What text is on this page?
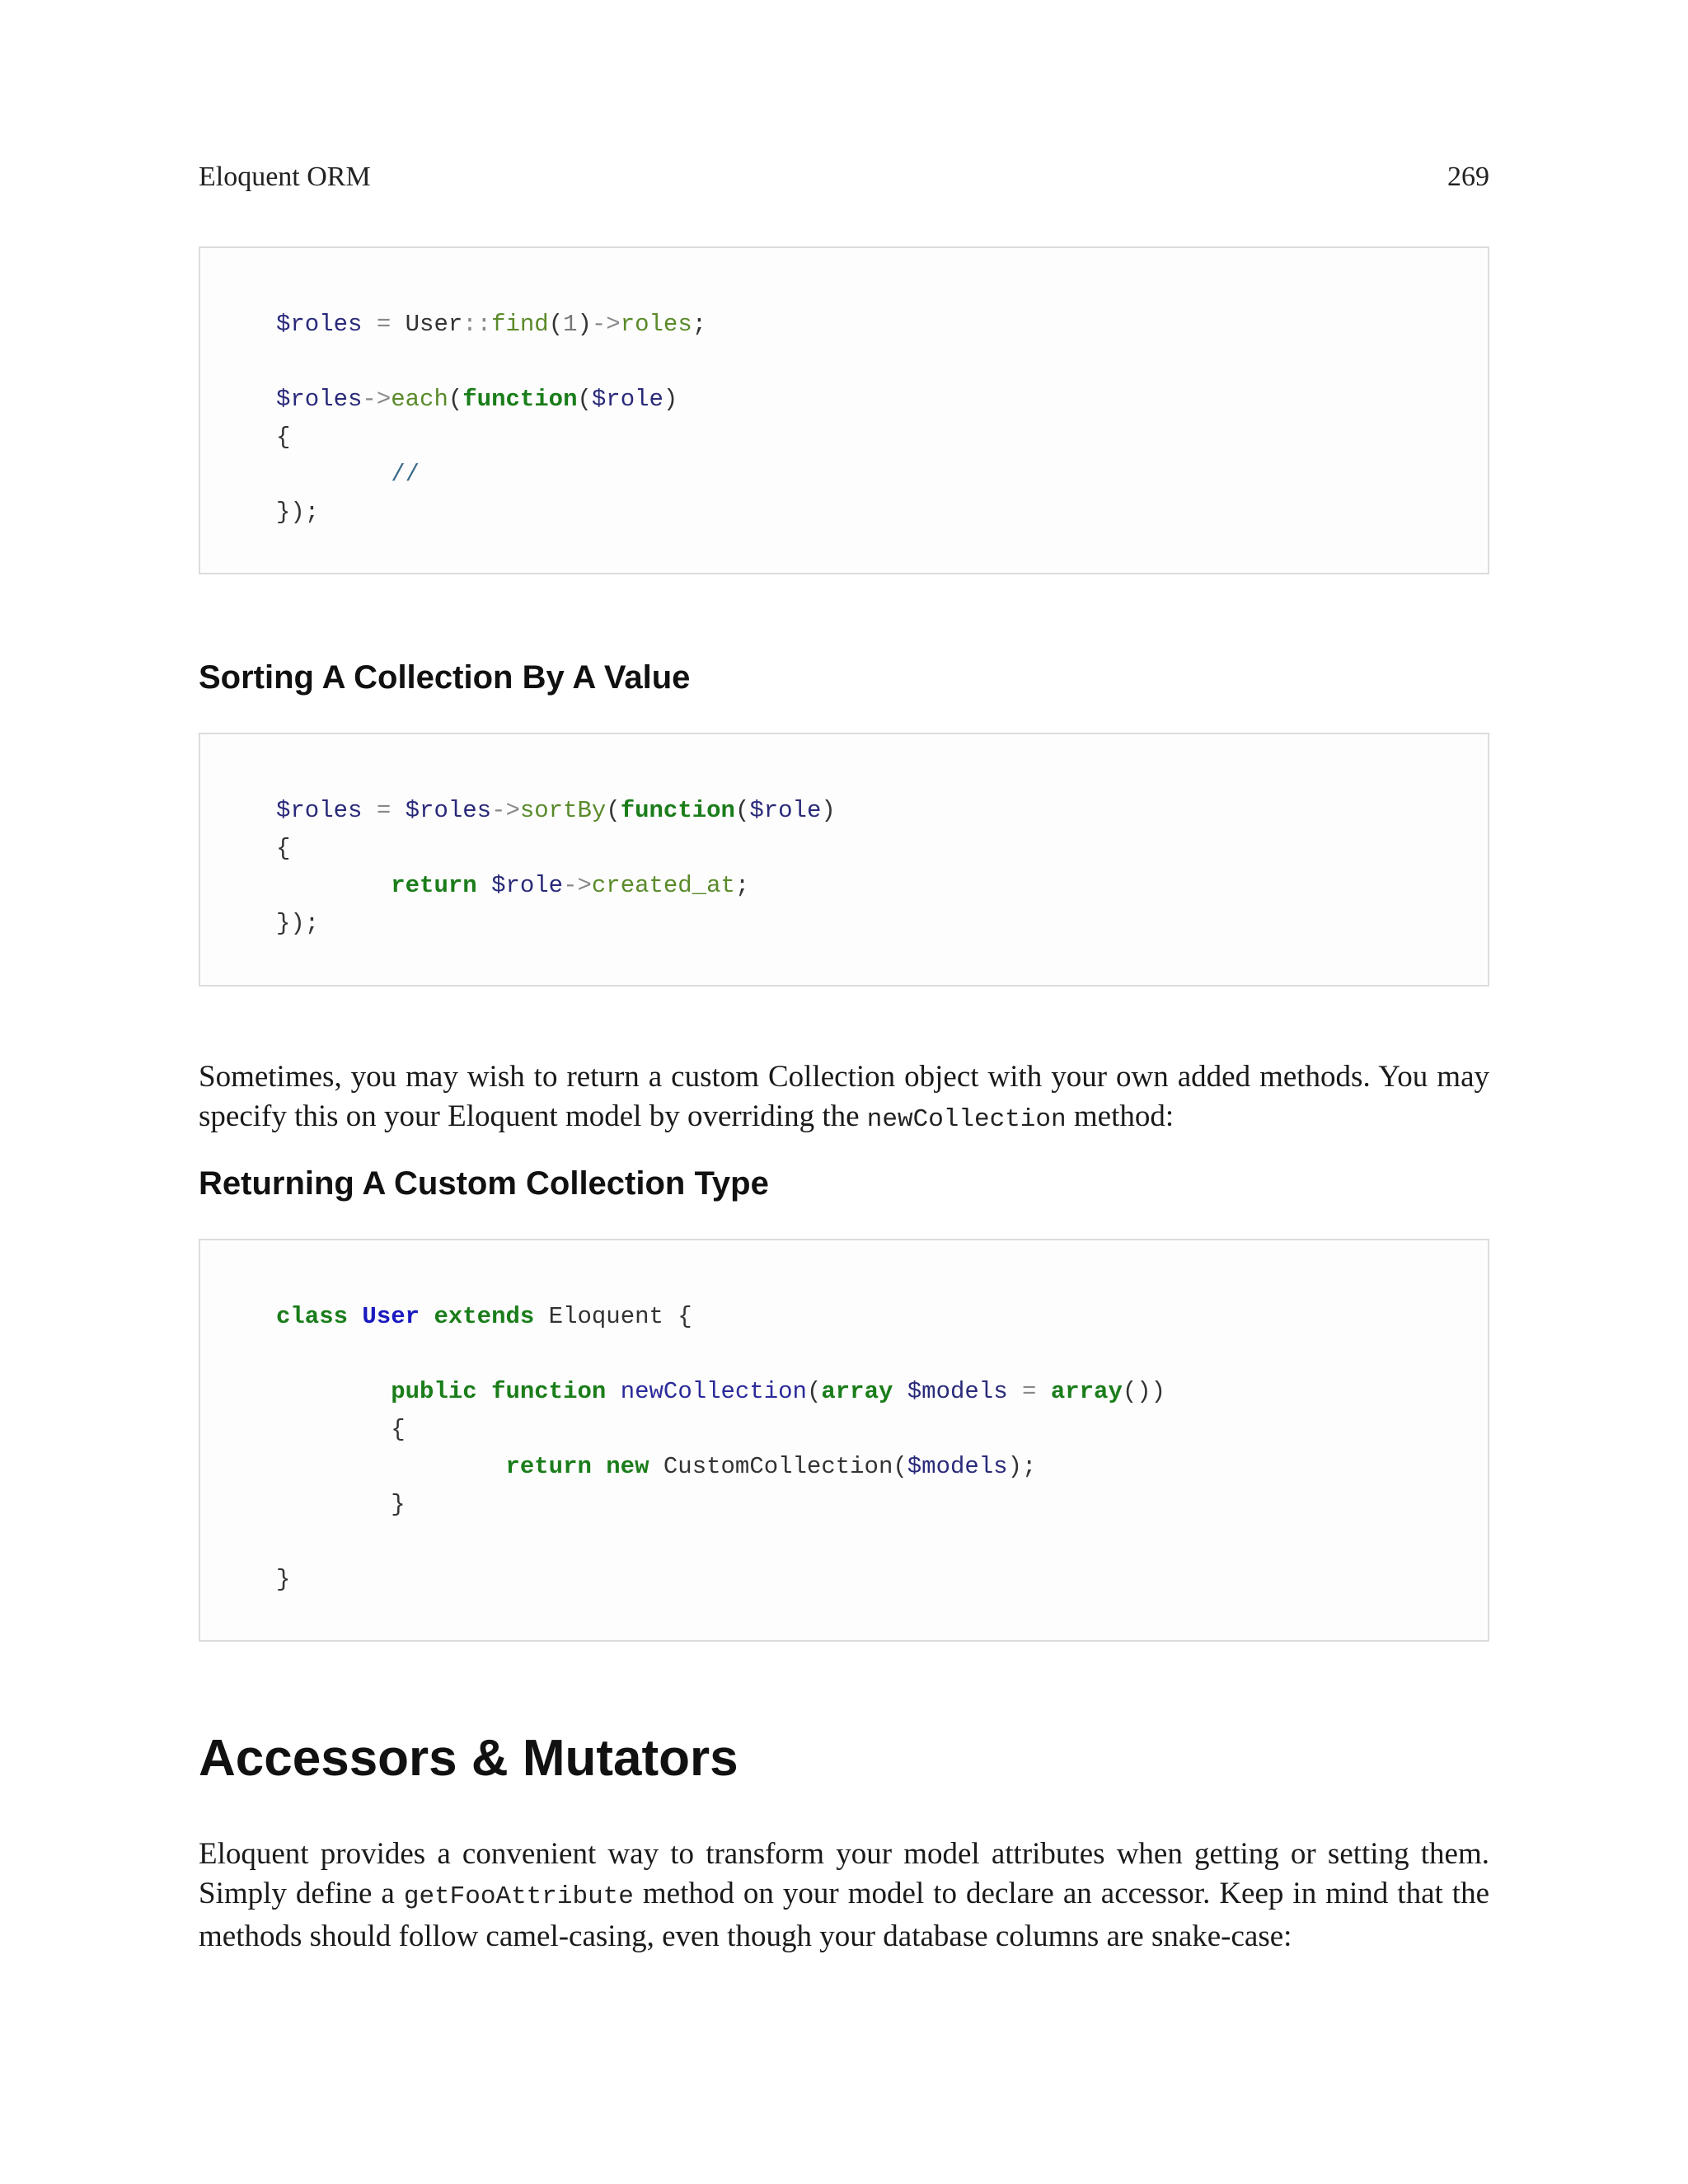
Eloquent ORM	269
$roles = User::find(1)->roles;

$roles->each(function($role)
{
//
});
Sorting A Collection By A Value
$roles = $roles->sortBy(function($role)
{
return $role->created_at;
});

Sometimes, you may wish to return a custom Collection object with your own added methods. You may specify this on your Eloquent model by overriding the newCollection method:

Returning A Custom Collection Type
class User extends Eloquent {

public function newCollection(array $models = array())
{
return new CustomCollection($models);
}

}
Accessors & Mutators

Eloquent provides a convenient way to transform your model attributes when getting or setting them. Simply define a getFooAttribute method on your model to declare an accessor. Keep in mind that the methods should follow camel-casing, even though your database columns are snake-case:
